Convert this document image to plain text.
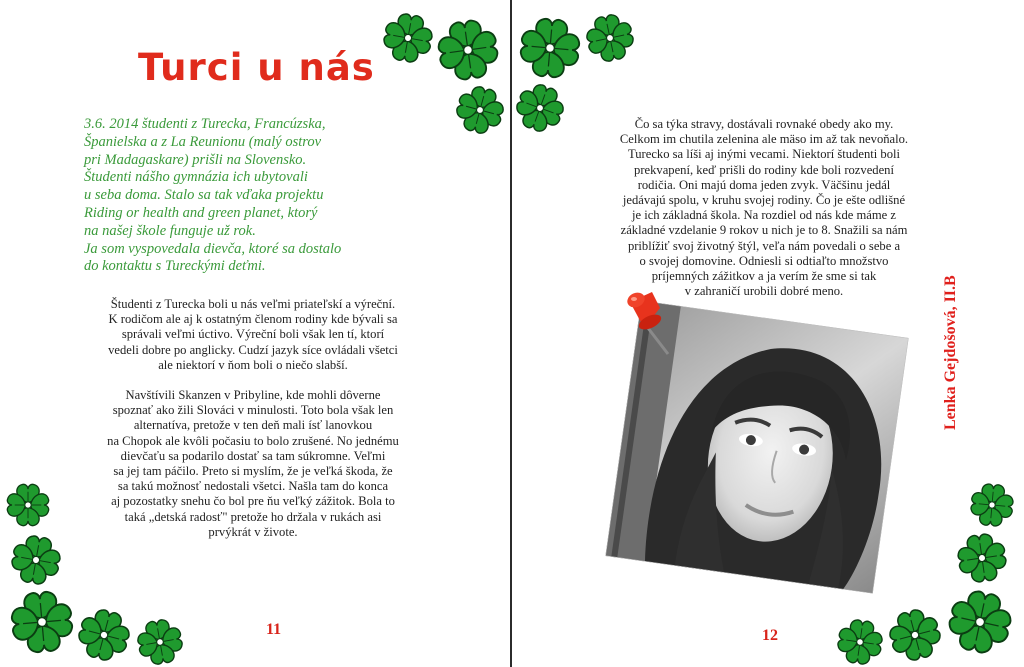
Turci u nás

3.6. 2014 študenti z Turecka, Francúzska,

Španielska a z La Reunionu (malý ostrov

pri Madagaskare) prišli na Slovensko.

Študenti nášho gymnázia ich ubytovali

u seba doma. Stalo sa tak vďaka projektu

Riding or health and green planet, ktorý

na našej škole funguje už rok.

Ja som vyspovedala dievča, ktoré sa dostalo

do kontaktu s Tureckými deťmi.

Študenti z Turecka boli u nás veľmi priateľskí a výreční.
K rodičom ale aj k ostatným členom rodiny kde bývali sa
správali veľmi úctivo. Výreční boli však len tí, ktorí
vedeli dobre po anglicky. Cudzí jazyk síce ovládali všetci
ale niektorí v ňom boli o niečo slabší.

Navštívili Skanzen v Pribyline, kde mohli dôverne
spoznať ako žili Slováci v minulosti. Toto bola však len
alternatíva, pretože v ten deň mali ísť lanovkou
na Chopok ale kvôli počasiu to bolo zrušené. No jednému
dievčaťu sa podarilo dostať sa tam súkromne. Veľmi
sa jej tam páčilo. Preto si myslím, že je veľká škoda, že
sa takú možnosť nedostali všetci. Našla tam do konca
aj pozostatky snehu čo bol pre ňu veľký zážitok. Bola to
taká „detská radosť" pretože ho držala v rukách asi
prvýkrát v živote.

11

Čo sa týka stravy, dostávali rovnaké obedy ako my.
Celkom im chutila zelenina ale mäso im až tak nevoňalo.
Turecko sa líši aj inými vecami. Niektorí študenti boli
prekvapení, keď prišli do rodiny kde boli rozvedení
rodičia. Oni majú doma jeden zvyk. Väčšinu jedál
jedávajú spolu, v kruhu svojej rodiny. Čo je ešte odlišné
je ich základná škola. Na rozdiel od nás kde máme z
základné vzdelanie 9 rokov u nich je to 8. Snažili sa nám
priblížiť svoj životný štýl, veľa nám povedali o sebe a
o svojej domovine. Odniesli si odtiaľto množstvo
príjemných zážitkov a ja verím že sme si tak
v zahraničí urobili dobré meno.	Lenka Gejdošová, II.B
12
